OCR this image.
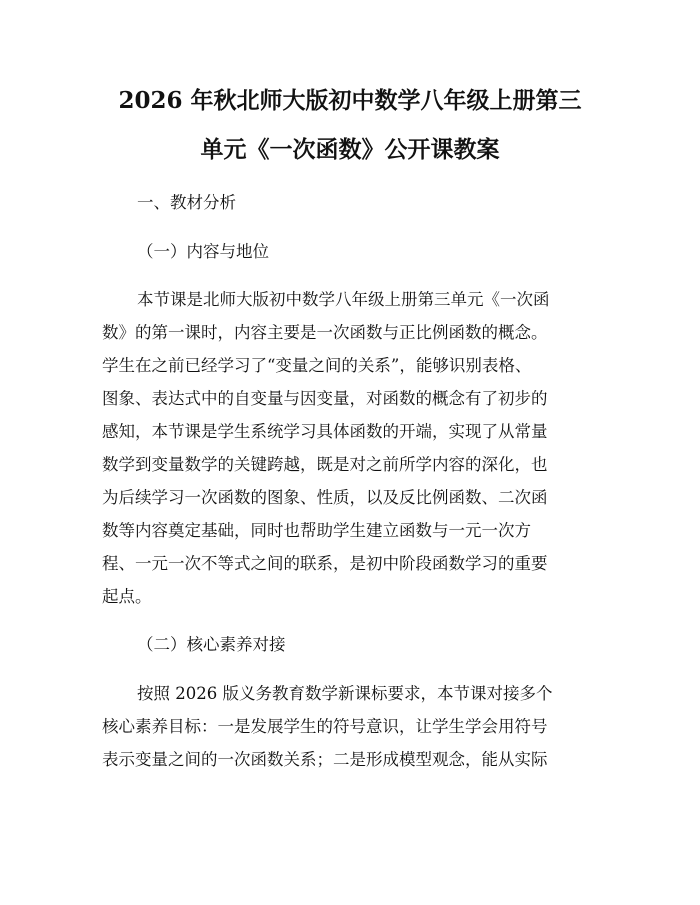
2026 年秋北师大版初中数学八年级上册第三
单元《一次函数》公开课教案

一、教材分析

（一）内容与地位

本节课是北师大版初中数学八年级上册第三单元《一次函

数》的第一课时，内容主要是一次函数与正比例函数的概念。

学生在之前已经学习了“变量之间的关系”，能够识别表格、

图象、表达式中的自变量与因变量，对函数的概念有了初步的

感知，本节课是学生系统学习具体函数的开端，实现了从常量

数学到变量数学的关键跨越，既是对之前所学内容的深化，也

为后续学习一次函数的图象、性质，以及反比例函数、二次函

数等内容奠定基础，同时也帮助学生建立函数与一元一次方

程、一元一次不等式之间的联系，是初中阶段函数学习的重要

起点。

（二）核心素养对接

按照 2026 版义务教育数学新课标要求，本节课对接多个

核心素养目标：一是发展学生的符号意识，让学生学会用符号

表示变量之间的一次函数关系；二是形成模型观念，能从实际
